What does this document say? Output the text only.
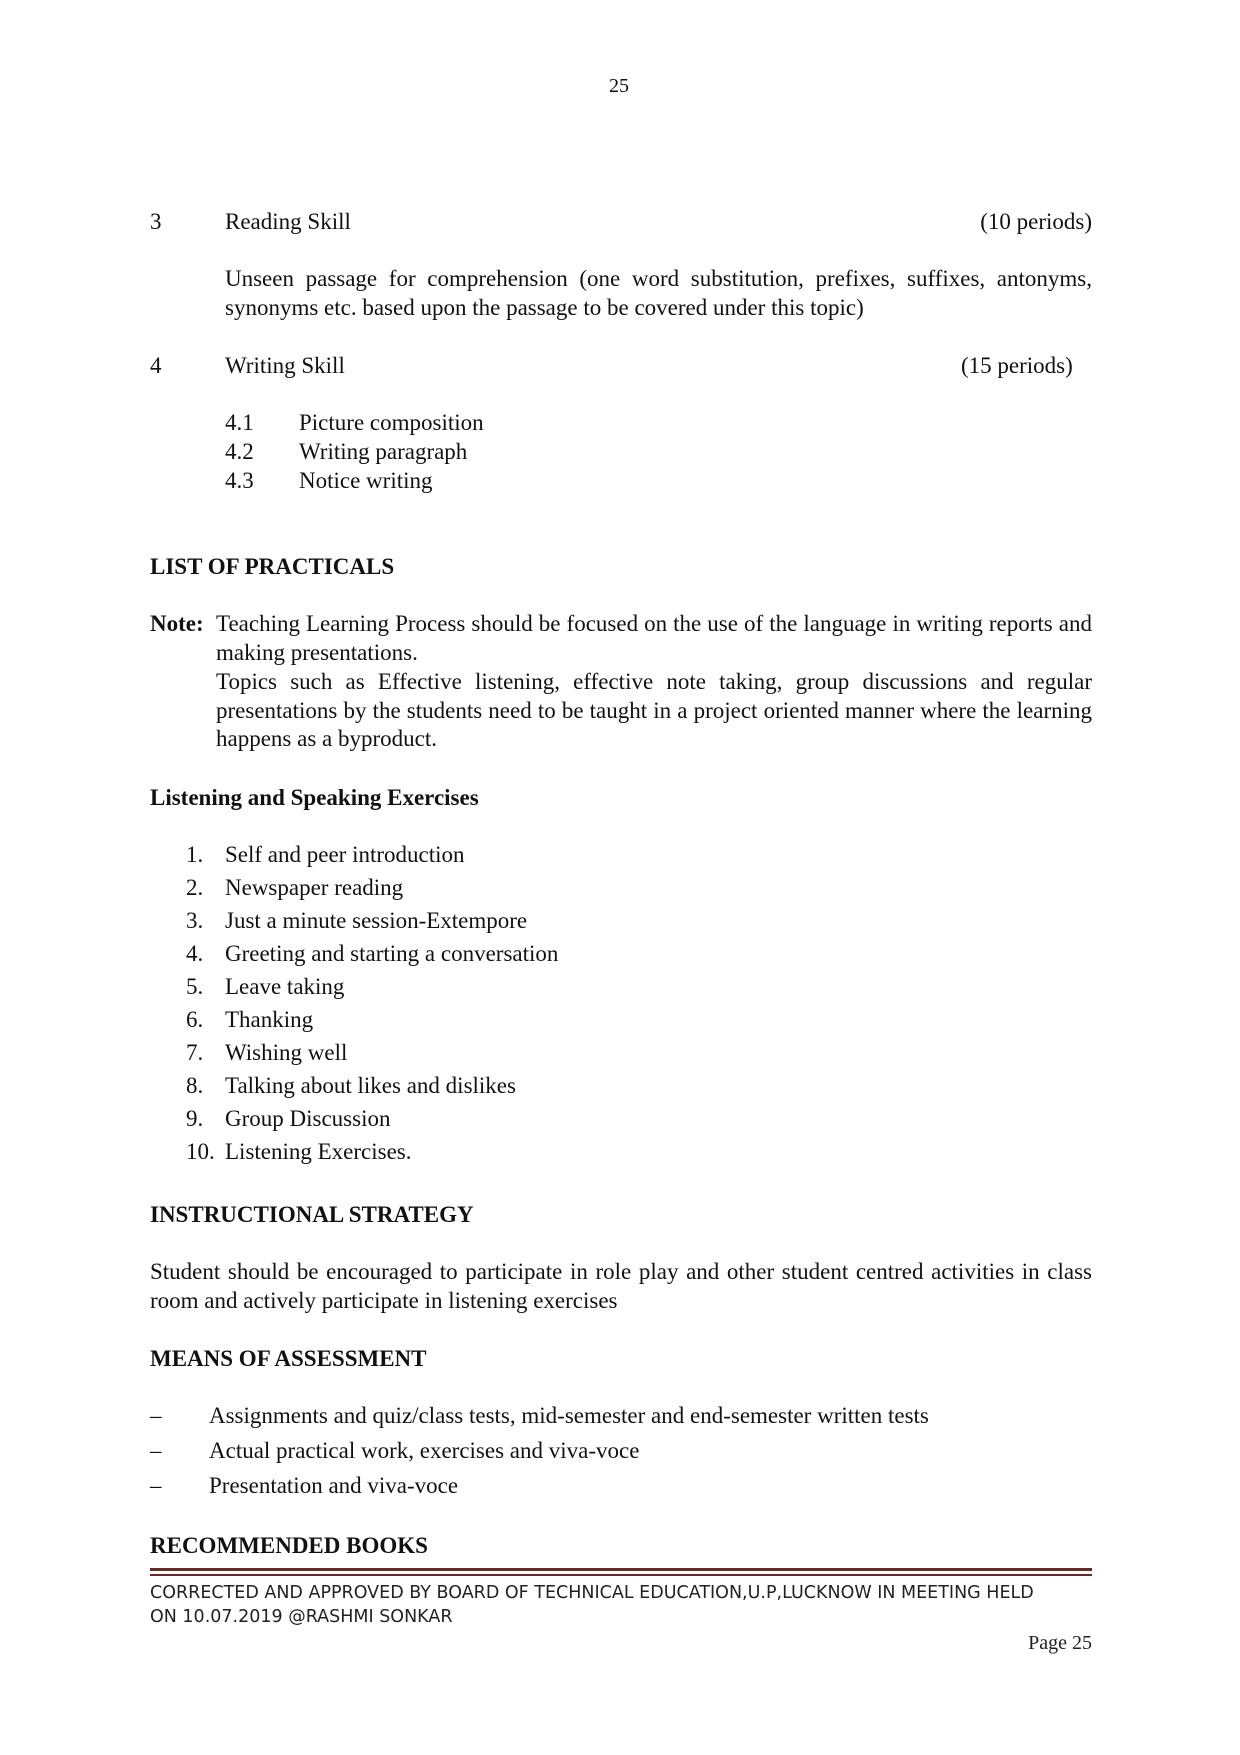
25
3	Reading Skill	(10 periods)
Unseen passage for comprehension (one word substitution, prefixes, suffixes, antonyms, synonyms etc. based upon the passage to be covered under this topic)
4	Writing Skill	(15 periods)
4.1 Picture composition
4.2 Writing paragraph
4.3 Notice writing
LIST OF PRACTICALS
Note: Teaching Learning Process should be focused on the use of the language in writing reports and making presentations.
Topics such as Effective listening, effective note taking, group discussions and regular presentations by the students need to be taught in a project oriented manner where the learning happens as a byproduct.
Listening and Speaking Exercises
1. Self and peer introduction
2. Newspaper reading
3. Just a minute session-Extempore
4. Greeting and starting a conversation
5. Leave taking
6. Thanking
7. Wishing well
8. Talking about likes and dislikes
9. Group Discussion
10. Listening Exercises.
INSTRUCTIONAL STRATEGY
Student should be encouraged to participate in role play and other student centred activities in class room and actively participate in listening exercises
MEANS OF ASSESSMENT
– Assignments and quiz/class tests, mid-semester and end-semester written tests
– Actual practical work, exercises and viva-voce
– Presentation and viva-voce
RECOMMENDED BOOKS
CORRECTED AND APPROVED BY BOARD OF TECHNICAL EDUCATION,U.P,LUCKNOW IN MEETING HELD
ON 10.07.2019 @RASHMI SONKAR
Page 25
